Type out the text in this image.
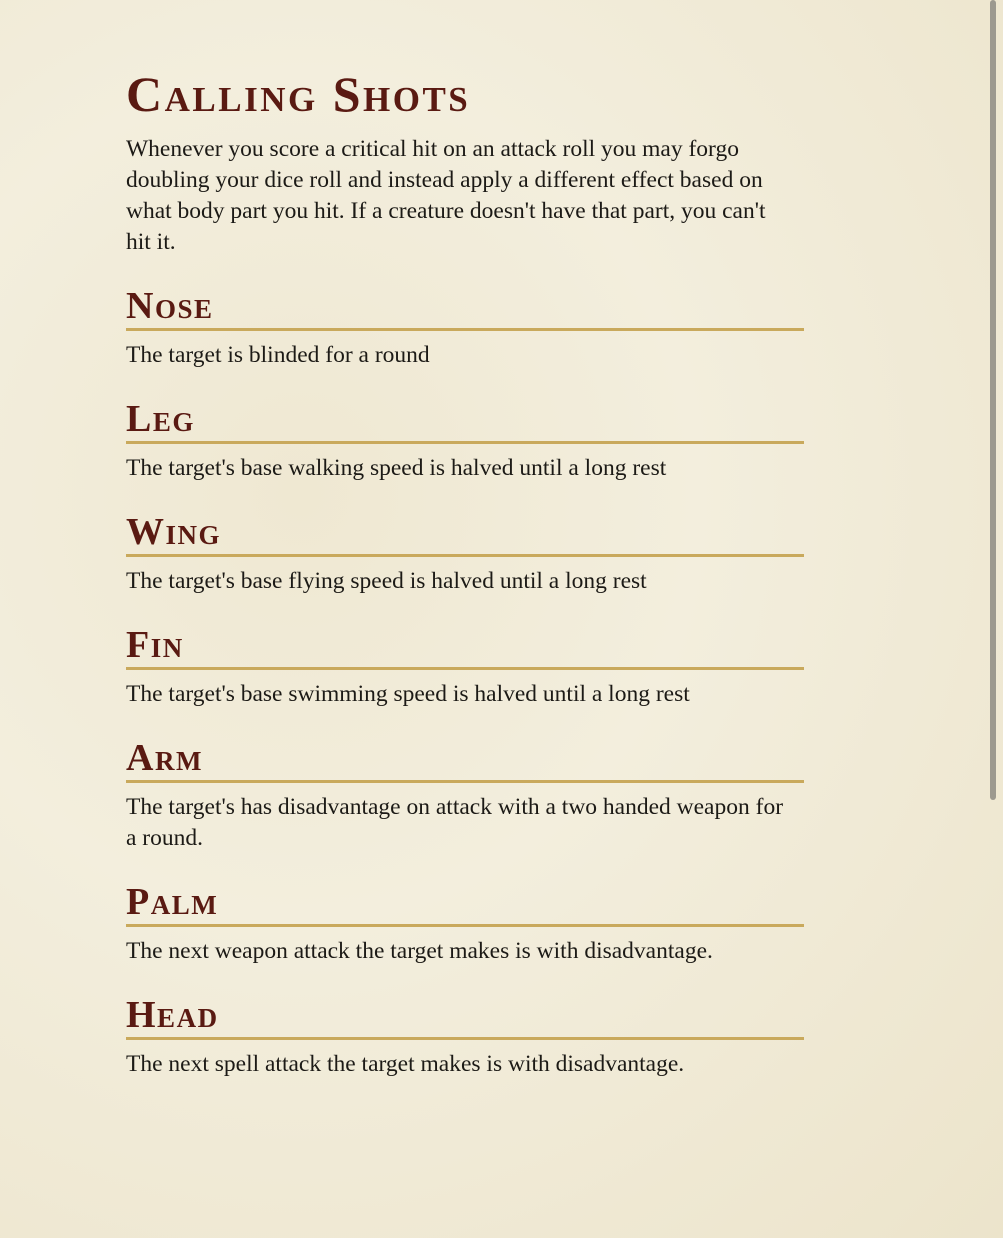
Calling Shots

Whenever you score a critical hit on an attack roll you may forgo doubling your dice roll and instead apply a different effect based on what body part you hit. If a creature doesn't have that part, you can't hit it.

Nose

The target is blinded for a round

Leg

The target's base walking speed is halved until a long rest

Wing

The target's base flying speed is halved until a long rest

Fin

The target's base swimming speed is halved until a long rest

Arm

The target's has disadvantage on attack with a two handed weapon for a round.

Palm

The next weapon attack the target makes is with disadvantage.

Head

The next spell attack the target makes is with disadvantage.
